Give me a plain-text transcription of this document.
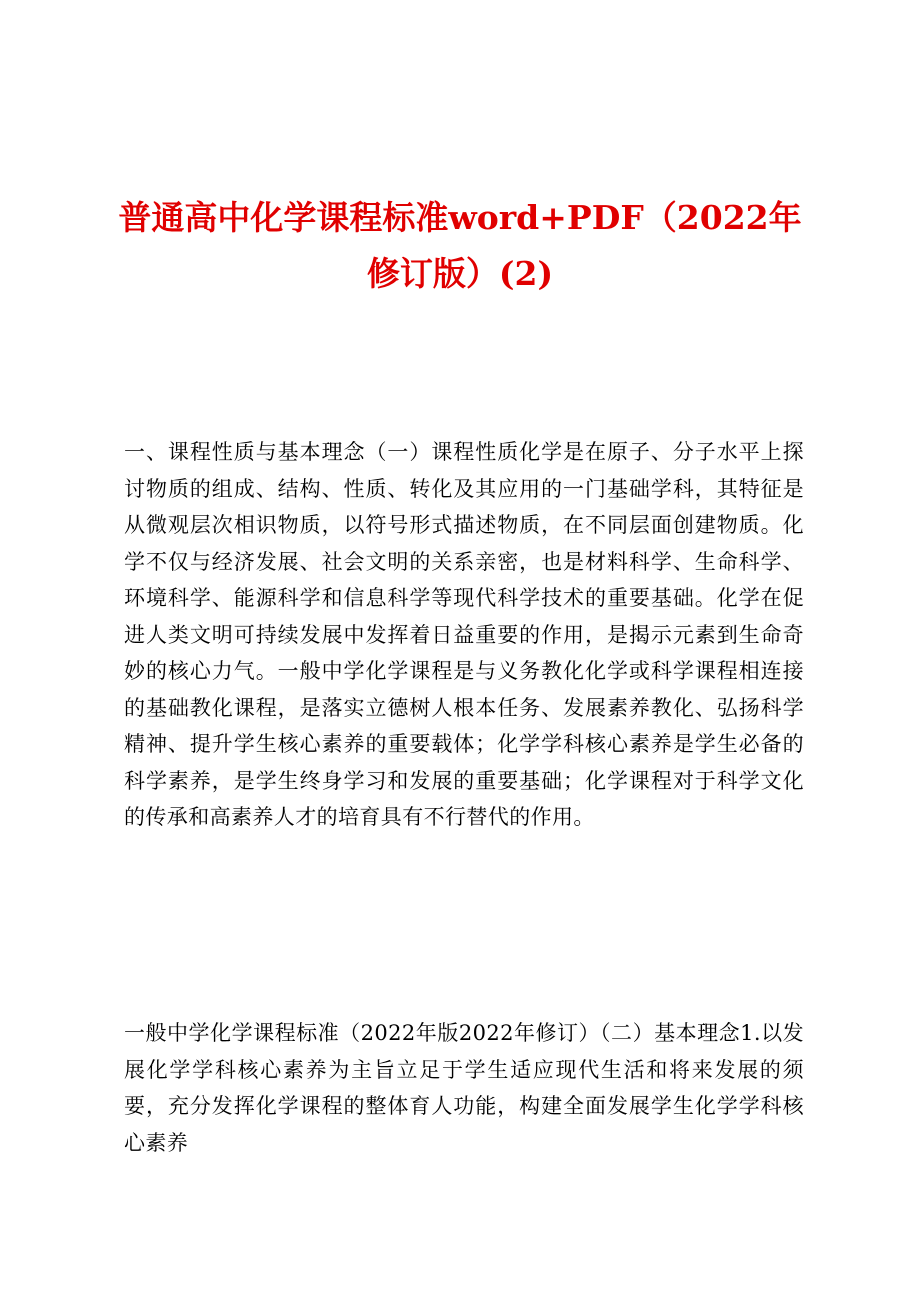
普通高中化学课程标准word+PDF（2022年修订版）(2)

一、课程性质与基本理念（一）课程性质化学是在原子、分子水平上探讨物质的组成、结构、性质、转化及其应用的一门基础学科，其特征是从微观层次相识物质，以符号形式描述物质，在不同层面创建物质。化学不仅与经济发展、社会文明的关系亲密，也是材料科学、生命科学、环境科学、能源科学和信息科学等现代科学技术的重要基础。化学在促进人类文明可持续发展中发挥着日益重要的作用，是揭示元素到生命奇妙的核心力气。一般中学化学课程是与义务教化化学或科学课程相连接的基础教化课程，是落实立德树人根本任务、发展素养教化、弘扬科学精神、提升学生核心素养的重要载体；化学学科核心素养是学生必备的科学素养，是学生终身学习和发展的重要基础；化学课程对于科学文化的传承和高素养人才的培育具有不行替代的作用。

一般中学化学课程标准（2022年版2022年修订）（二）基本理念1.以发展化学学科核心素养为主旨立足于学生适应现代生活和将来发展的须要，充分发挥化学课程的整体育人功能，构建全面发展学生化学学科核心素养
